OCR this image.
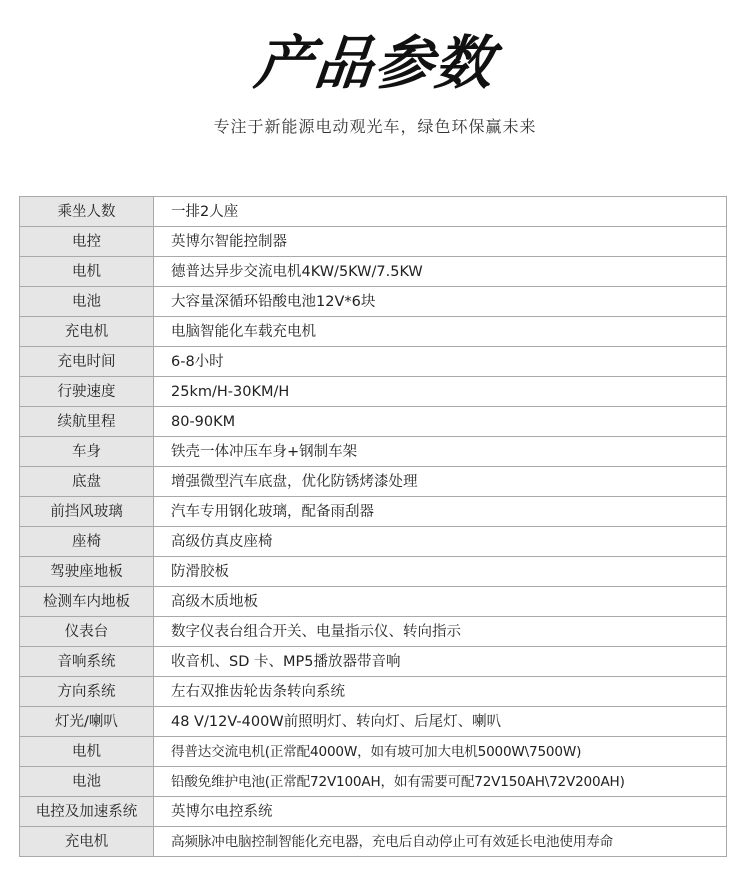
产品参数
专注于新能源电动观光车，绿色环保赢未来
乘坐人数	一排2人座
电控	英博尔智能控制器
电机	德普达异步交流电机4KW/5KW/7.5KW
电池	大容量深循环铅酸电池12V*6块
充电机	电脑智能化车载充电机
充电时间	6-8小时
行驶速度	25km/H-30KM/H
续航里程	80-90KM
车身	铁壳一体冲压车身+钢制车架
底盘	增强微型汽车底盘，优化防锈烤漆处理
前挡风玻璃	汽车专用钢化玻璃，配备雨刮器
座椅	高级仿真皮座椅
驾驶座地板	防滑胶板
检测车内地板	高级木质地板
仪表台	数字仪表台组合开关、电量指示仪、转向指示
音响系统	收音机、SD 卡、MP5播放器带音响
方向系统	左右双推齿轮齿条转向系统
灯光/喇叭	48 V/12V-400W前照明灯、转向灯、后尾灯、喇叭
电机	得普达交流电机(正常配4000W，如有坡可加大电机5000W\7500W)
电池	铅酸免维护电池(正常配72V100AH，如有需要可配72V150AH\72V200AH)
电控及加速系统	英博尔电控系统
充电机	高频脉冲电脑控制智能化充电器，充电后自动停止可有效延长电池使用寿命
